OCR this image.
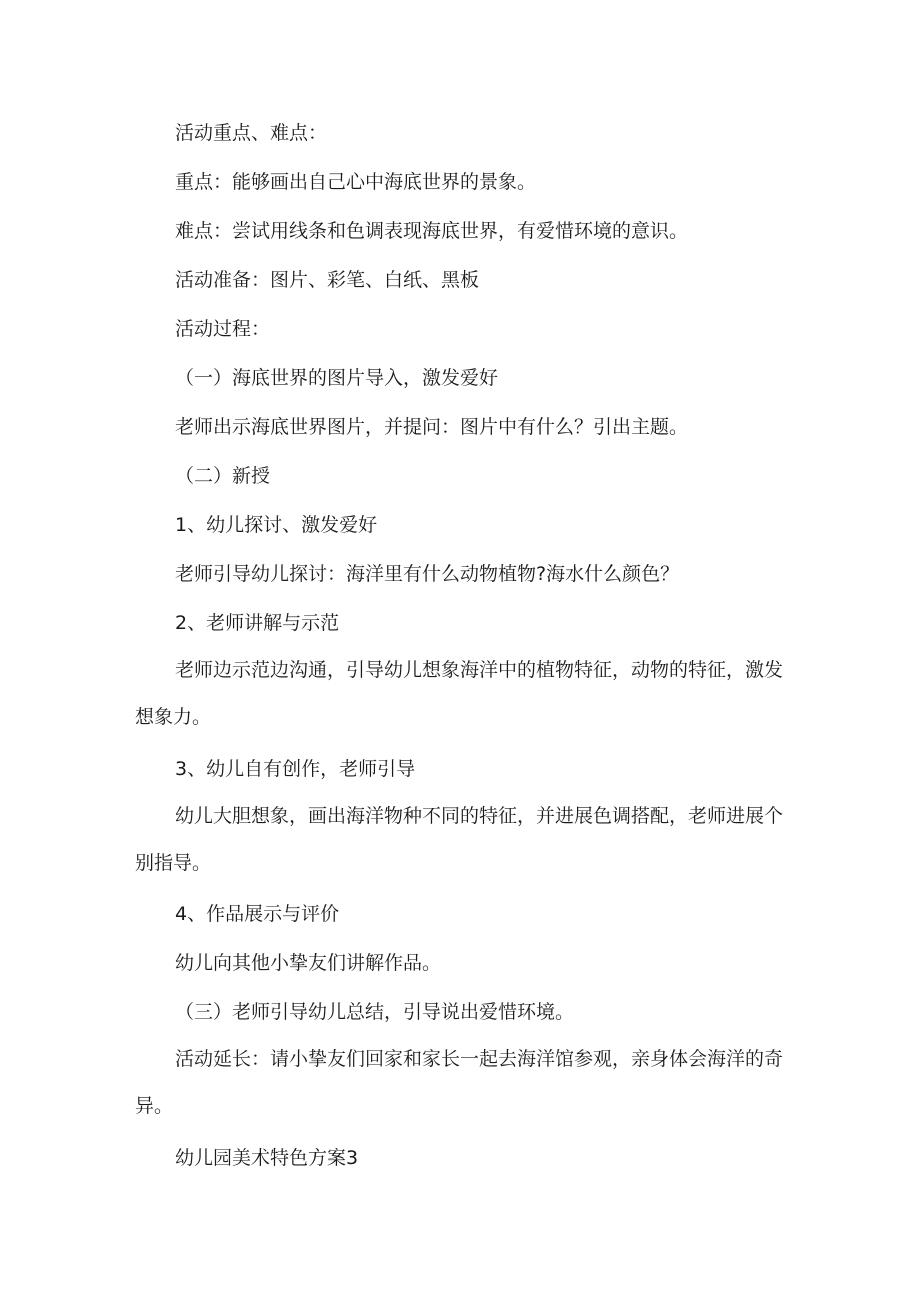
活动重点、难点：

重点：能够画出自己心中海底世界的景象。

难点：尝试用线条和色调表现海底世界，有爱惜环境的意识。

活动准备：图片、彩笔、白纸、黑板

活动过程：

（一）海底世界的图片导入，激发爱好

老师出示海底世界图片，并提问：图片中有什么？引出主题。

（二）新授

1、幼儿探讨、激发爱好

老师引导幼儿探讨：海洋里有什么动物植物?海水什么颜色？

2、老师讲解与示范

老师边示范边沟通，引导幼儿想象海洋中的植物特征，动物的特征，激发想象力。

3、幼儿自有创作，老师引导

幼儿大胆想象，画出海洋物种不同的特征，并进展色调搭配，老师进展个别指导。

4、作品展示与评价

幼儿向其他小挚友们讲解作品。

（三）老师引导幼儿总结，引导说出爱惜环境。

活动延长：请小挚友们回家和家长一起去海洋馆参观，亲身体会海洋的奇异。

幼儿园美术特色方案3
